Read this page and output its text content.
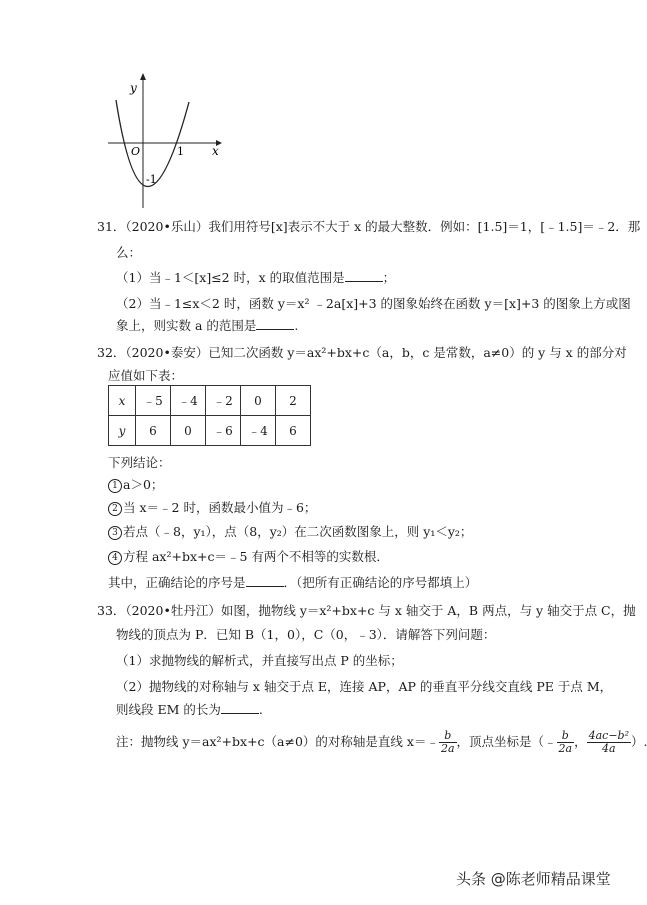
y
x
O	1
-1
31．（2020•乐山）我们用符号[x]表示不大于 x 的最大整数．例如：[1.5]＝1，[﹣1.5]＝﹣2．那
么：
（1）当﹣1＜[x]≤2 时，x 的取值范围是	；
（2）当﹣1≤x＜2 时，函数 y＝x² ﹣2a[x]+3 的图象始终在函数 y＝[x]+3 的图象上方或图
象上，则实数 a 的范围是	.
32．（2020•泰安）已知二次函数 y＝ax²+bx+c（a，b，c 是常数，a≠0）的 y 与 x 的部分对
应值如下表：
x	﹣5	﹣4	﹣2	0	2
y	6	0	﹣6	﹣4	6
下列结论：
1 a＞0；
2 当 x＝﹣2 时，函数最小值为﹣6；
3 若点（﹣8，y₁），点（8，y₂）在二次函数图象上，则 y₁＜y₂；
4 方程 ax²+bx+c＝﹣5 有两个不相等的实数根．
其中，正确结论的序号是	．（把所有正确结论的序号都填上）
33．（2020•牡丹江）如图，抛物线 y＝x²+bx+c 与 x 轴交于 A，B 两点，与 y 轴交于点 C，抛
物线的顶点为 P．已知 B（1，0），C（0，﹣3）．请解答下列问题：
（1）求抛物线的解析式，并直接写出点 P 的坐标；
（2）抛物线的对称轴与 x 轴交于点 E，连接 AP，AP 的垂直平分线交直线 PE 于点 M，
则线段 EM 的长为	.
注：抛物线 y＝ax²+bx+c（a≠0）的对称轴是直线 x＝﹣ $\frac{b}{2a}$ ，顶点坐标是（﹣ $\frac{b}{2a}$ ， $\frac{\text{4ac−b²}}{4a}$ ）.
头条 @陈老师精品课堂
